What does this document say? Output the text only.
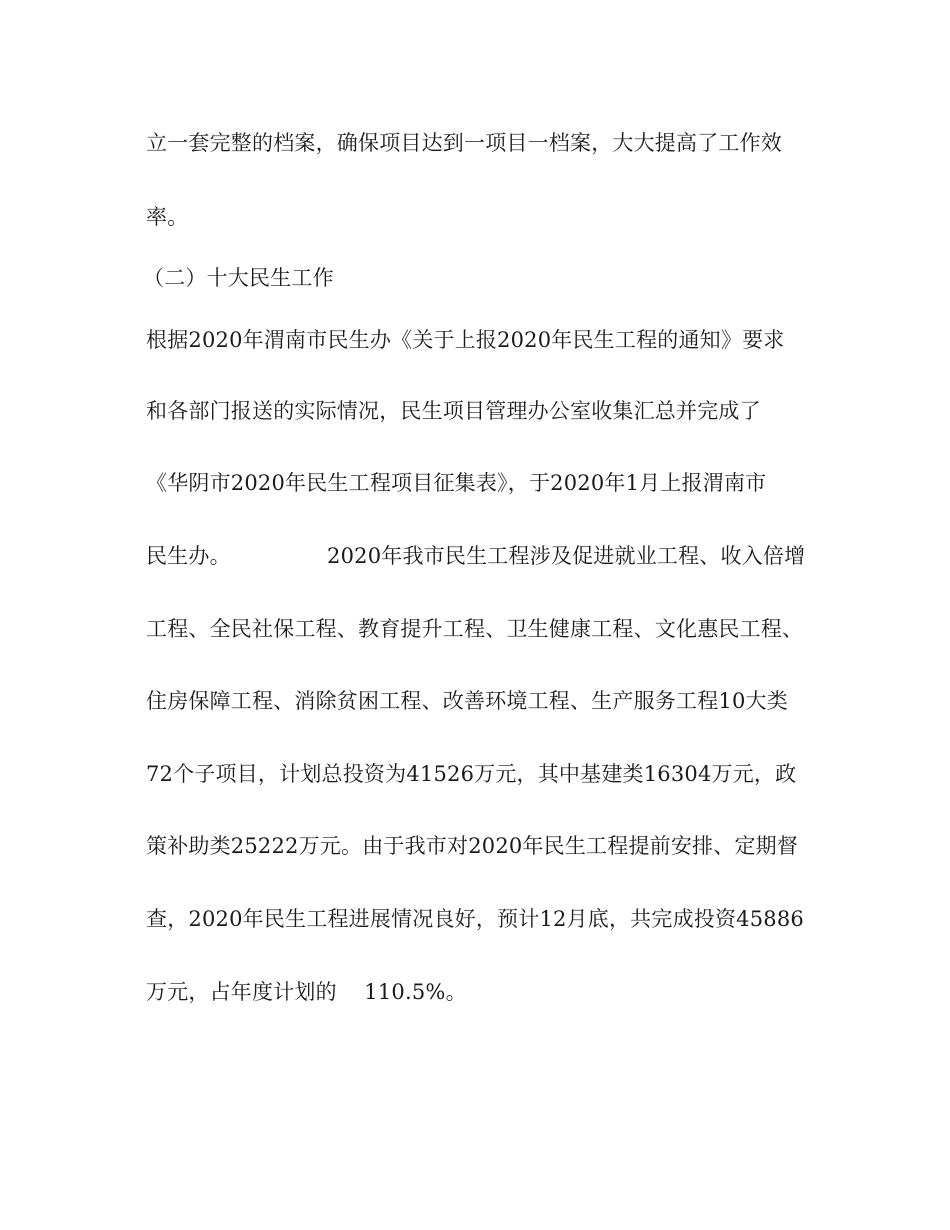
立一套完整的档案，确保项目达到一项目一档案，大大提高了工作效
率。
（二）十大民生工作
根据2020年渭南市民生办《关于上报2020年民生工程的通知》要求
和各部门报送的实际情况，民生项目管理办公室收集汇总并完成了
《华阴市2020年民生工程项目征集表》，于2020年1月上报渭南市
民生办。              2020年我市民生工程涉及促进就业工程、收入倍增
工程、全民社保工程、教育提升工程、卫生健康工程、文化惠民工程、
住房保障工程、消除贫困工程、改善环境工程、生产服务工程10大类
72个子项目，计划总投资为41526万元，其中基建类16304万元，政
策补助类25222万元。由于我市对2020年民生工程提前安排、定期督
查，2020年民生工程进展情况良好，预计12月底，共完成投资45886
万元，占年度计划的    110.5%。
